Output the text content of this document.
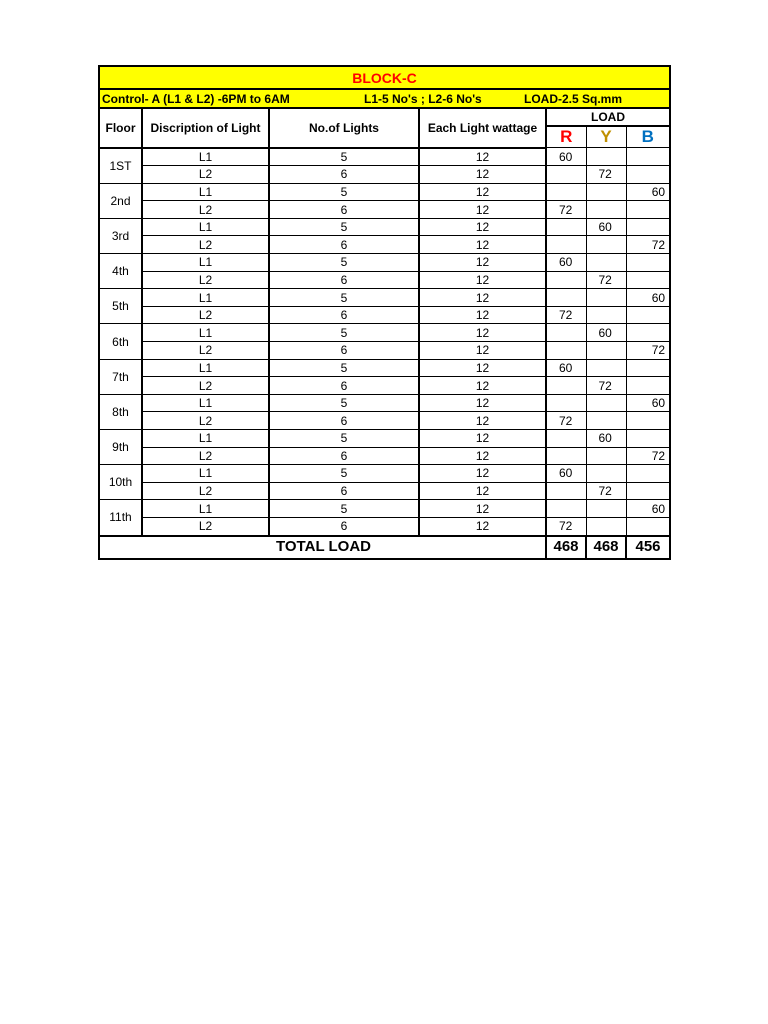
BLOCK-C						

Control- A (L1 & L2) -6PM to 6AM L1-5 No's ; L2-6 No's LOAD-2.5 Sq.mm						

Floor	Discription of Light	No.of Lights	Each Light wattage	LOAD		
				R	Y	B
1ST	L1	5	12	60		
	L2	6	12		72	
2nd	L1	5	12			60
	L2	6	12	72		
3rd	L1	5	12		60	
	L2	6	12			72
4th	L1	5	12	60		
	L2	6	12		72	
5th	L1	5	12			60
	L2	6	12	72		
6th	L1	5	12		60	
	L2	6	12			72
7th	L1	5	12	60		
	L2	6	12		72	
8th	L1	5	12			60
	L2	6	12	72		
9th	L1	5	12		60	
	L2	6	12			72
10th	L1	5	12	60		
	L2	6	12		72	
11th	L1	5	12			60
	L2	6	12	72		
TOTAL LOAD				468	468	456
